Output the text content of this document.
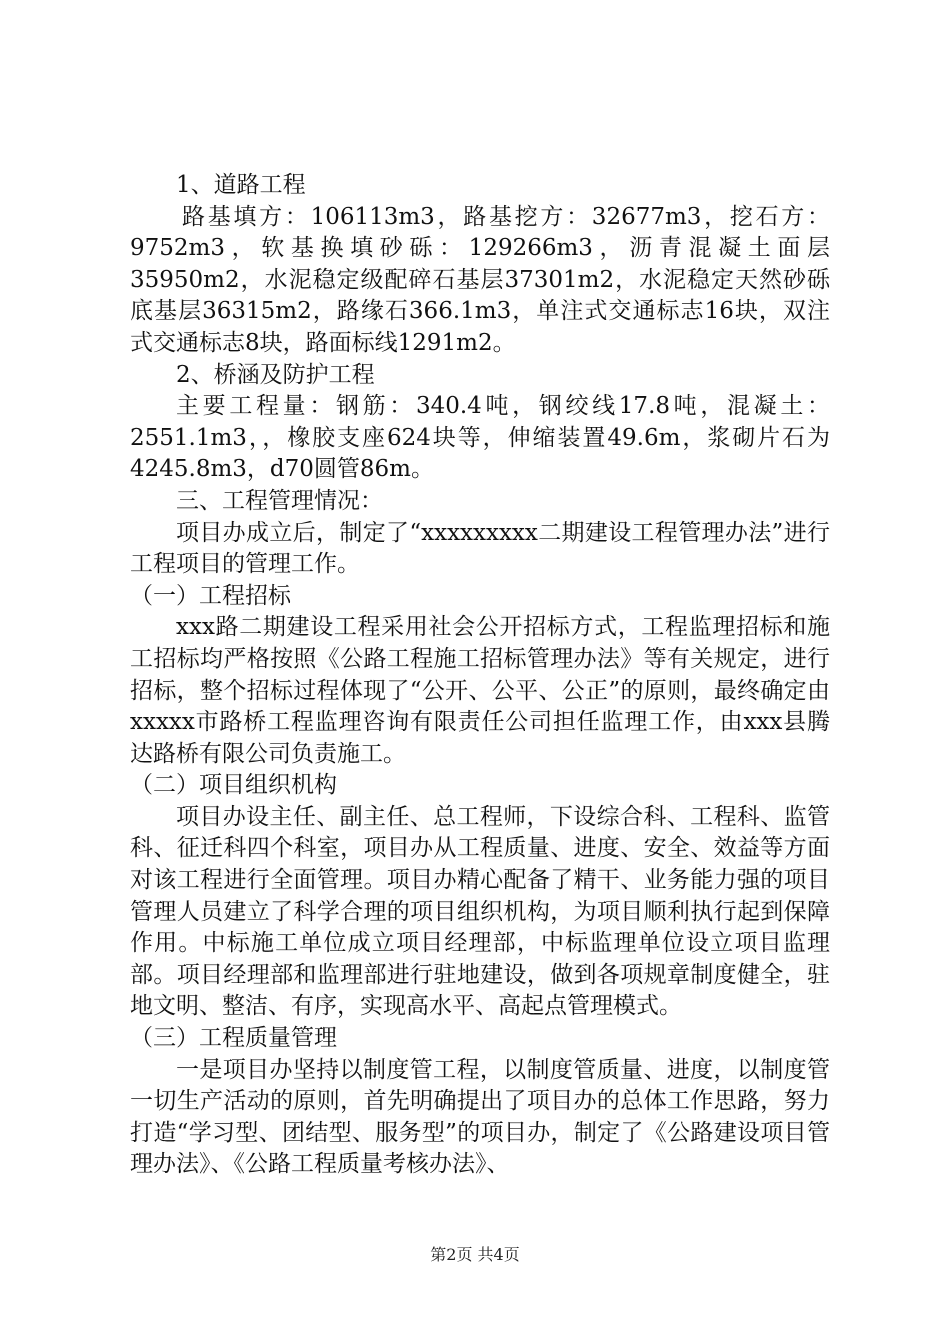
1、道路工程

路基填方：106113m3，路基挖方：32677m3，挖石方：9752m3，软基换填砂砾：129266m3，沥青混凝土面层35950m2，水泥稳定级配碎石基层37301m2，水泥稳定天然砂砾底基层36315m2，路缘石366.1m3，单注式交通标志16块，双注式交通标志8块，路面标线1291m2。

2、桥涵及防护工程

主要工程量：钢筋：340.4吨，钢绞线17.8吨，混凝土：2551.1m3，，橡胶支座624块等，伸缩装置49.6m，浆砌片石为4245.8m3，d70圆管86m。

三、工程管理情况：

项目办成立后，制定了“xxxxxxxxx二期建设工程管理办法”进行工程项目的管理工作。

（一）工程招标

xxx路二期建设工程采用社会公开招标方式，工程监理招标和施工招标均严格按照《公路工程施工招标管理办法》等有关规定，进行招标，整个招标过程体现了“公开、公平、公正”的原则，最终确定由xxxxx市路桥工程监理咨询有限责任公司担任监理工作，由xxx县腾达路桥有限公司负责施工。

（二）项目组织机构

项目办设主任、副主任、总工程师，下设综合科、工程科、监管科、征迁科四个科室，项目办从工程质量、进度、安全、效益等方面对该工程进行全面管理。项目办精心配备了精干、业务能力强的项目管理人员建立了科学合理的项目组织机构，为项目顺利执行起到保障作用。中标施工单位成立项目经理部，中标监理单位设立项目监理部。项目经理部和监理部进行驻地建设，做到各项规章制度健全，驻地文明、整洁、有序，实现高水平、高起点管理模式。

（三）工程质量管理

一是项目办坚持以制度管工程，以制度管质量、进度，以制度管一切生产活动的原则，首先明确提出了项目办的总体工作思路，努力打造“学习型、团结型、服务型”的项目办，制定了《公路建设项目管理办法》、《公路工程质量考核办法》、

第2页 共4页
